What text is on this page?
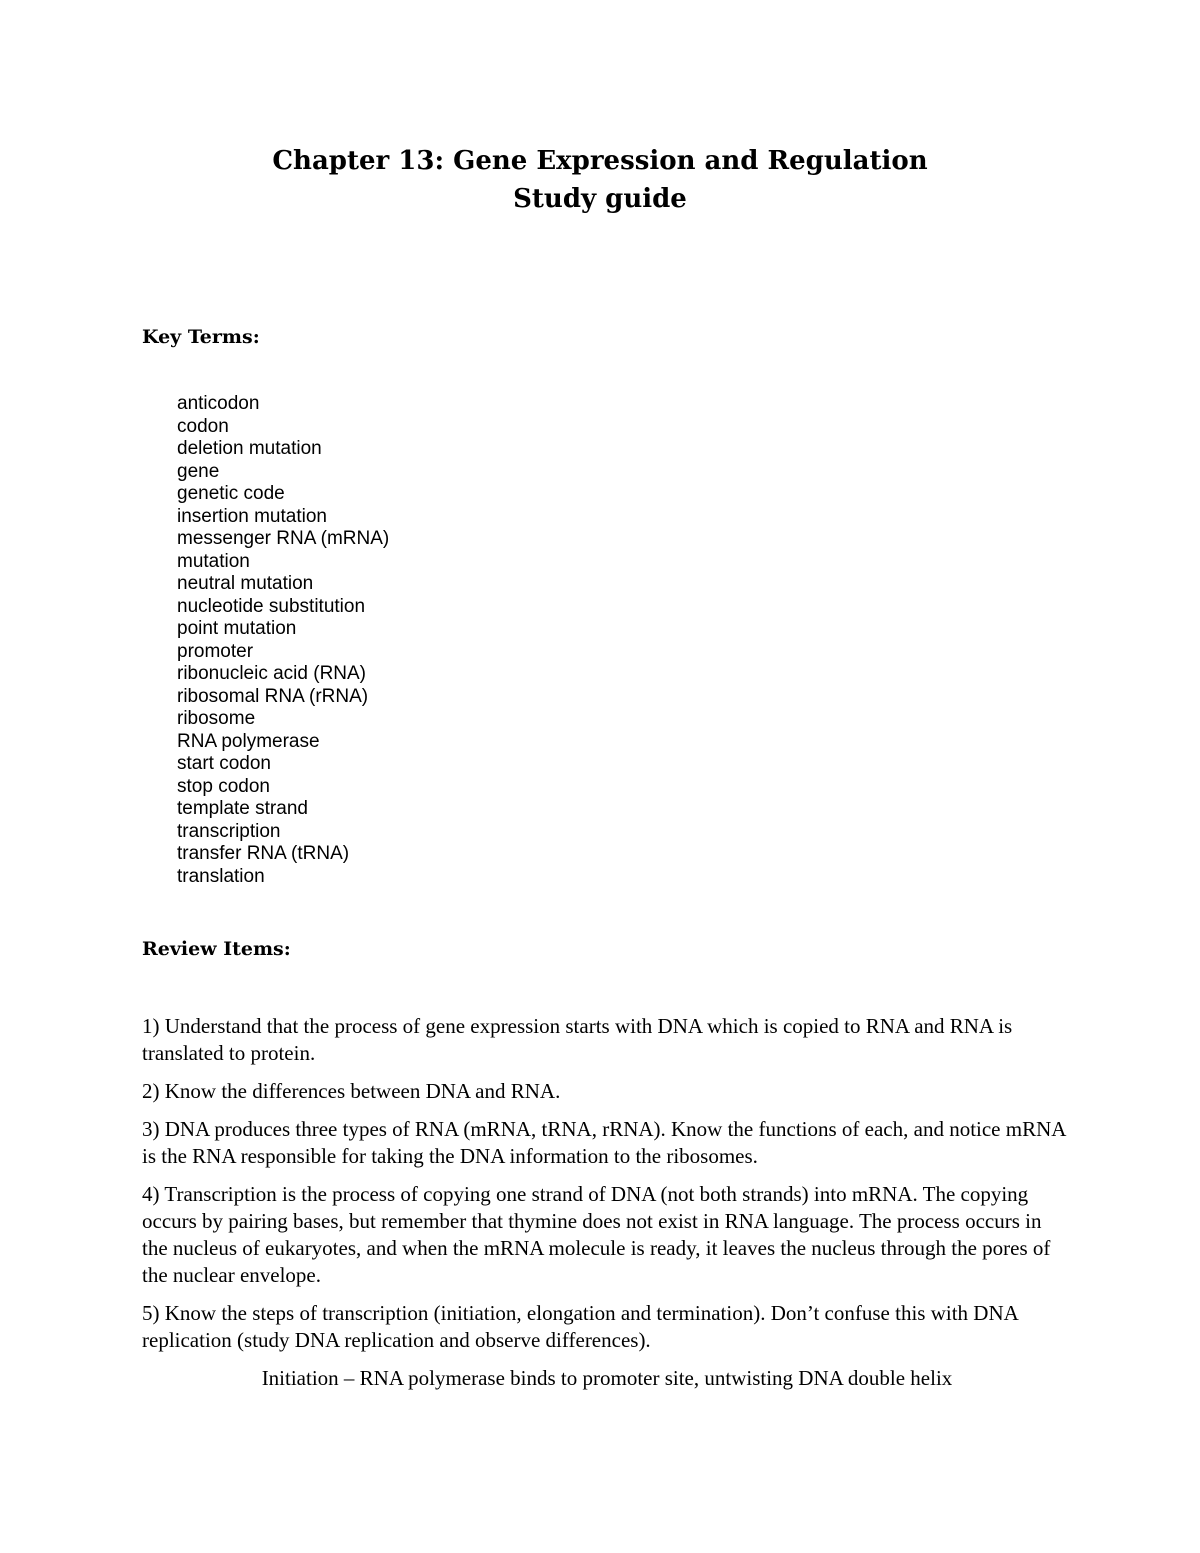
Chapter 13: Gene Expression and Regulation
Study guide
Key Terms:
anticodon
codon
deletion mutation
gene
genetic code
insertion mutation
messenger RNA (mRNA)
mutation
neutral mutation
nucleotide substitution
point mutation
promoter
ribonucleic acid (RNA)
ribosomal RNA (rRNA)
ribosome
RNA polymerase
start codon
stop codon
template strand
transcription
transfer RNA (tRNA)
translation
Review Items:

1) Understand that the process of gene expression starts with DNA which is copied to RNA and RNA is translated to protein.

2) Know the differences between DNA and RNA.

3) DNA produces three types of RNA (mRNA, tRNA, rRNA). Know the functions of each, and notice mRNA is the RNA responsible for taking the DNA information to the ribosomes.

4) Transcription is the process of copying one strand of DNA (not both strands) into mRNA. The copying occurs by pairing bases, but remember that thymine does not exist in RNA language. The process occurs in the nucleus of eukaryotes, and when the mRNA molecule is ready, it leaves the nucleus through the pores of the nuclear envelope.

5) Know the steps of transcription (initiation, elongation and termination). Don’t confuse this with DNA replication (study DNA replication and observe differences).

Initiation – RNA polymerase binds to promoter site, untwisting DNA double helix
